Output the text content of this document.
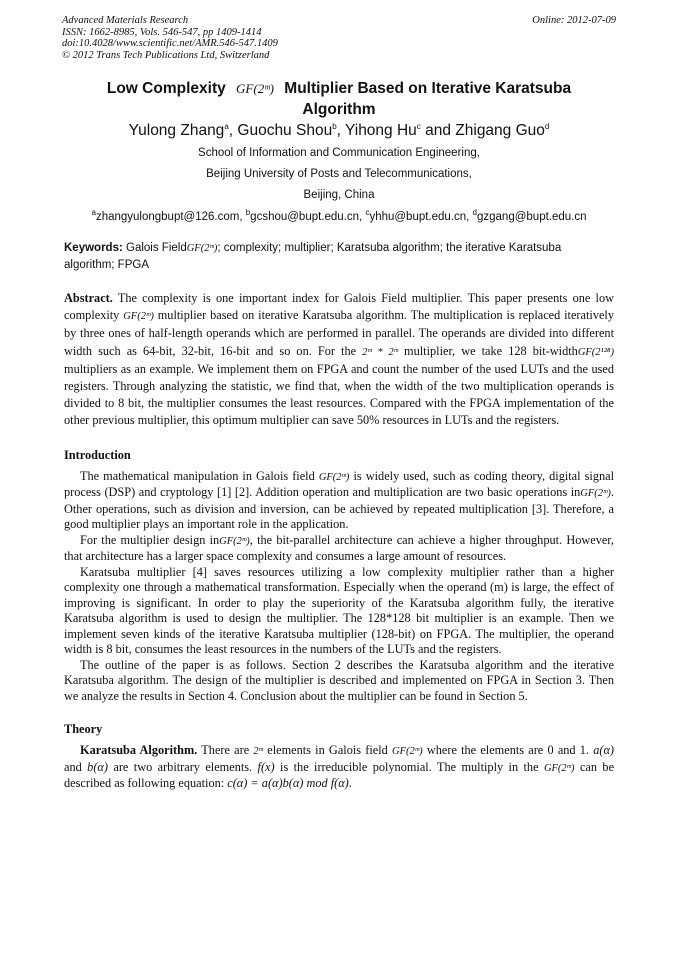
Advanced Materials Research
ISSN: 1662-8985, Vols. 546-547, pp 1409-1414
doi:10.4028/www.scientific.net/AMR.546-547.1409
© 2012 Trans Tech Publications Ltd, Switzerland
Online: 2012-07-09
Low Complexity GF(2ᵐ) Multiplier Based on Iterative Karatsuba
Algorithm
Yulong Zhang$^a$, Guochu Shou$^b$, Yihong Hu$^c$ and Zhigang Guo$^d$
School of Information and Communication Engineering,
Beijing University of Posts and Telecommunications,
Beijing, China
$^a$zhangyulongbupt@126.com, $^b$gcshou@bupt.edu.cn, $^c$yhhu@bupt.edu.cn, $^d$gzgang@bupt.edu.cn
Keywords: Galois FieldGF(2ᵐ); complexity; multiplier; Karatsuba algorithm; the iterative Karatsuba algorithm; FPGA
Abstract. The complexity is one important index for Galois Field multiplier. This paper presents one low complexity GF(2ᵐ) multiplier based on iterative Karatsuba algorithm. The multiplication is replaced iteratively by three ones of half-length operands which are performed in parallel. The operands are divided into different width such as 64-bit, 32-bit, 16-bit and so on. For the 2ᵐ * 2ᵐ multiplier, we take 128 bit-widthGF(2¹²⁸) multipliers as an example. We implement them on FPGA and count the number of the used LUTs and the used registers. Through analyzing the statistic, we find that, when the width of the two multiplication operands is divided to 8 bit, the multiplier consumes the least resources. Compared with the FPGA implementation of the other previous multiplier, this optimum multiplier can save 50% resources in LUTs and the registers.
Introduction

The mathematical manipulation in Galois field GF(2ᵐ) is widely used, such as coding theory, digital signal process (DSP) and cryptology [1] [2]. Addition operation and multiplication are two basic operations inGF(2ᵐ). Other operations, such as division and inversion, can be achieved by repeated multiplication [3]. Therefore, a good multiplier plays an important role in the application.

For the multiplier design inGF(2ᵐ), the bit-parallel architecture can achieve a higher throughput. However, that architecture has a larger space complexity and consumes a large amount of resources.

Karatsuba multiplier [4] saves resources utilizing a low complexity multiplier rather than a higher complexity one through a mathematical transformation. Especially when the operand (m) is large, the effect of improving is significant. In order to play the superiority of the Karatsuba algorithm fully, the iterative Karatsuba algorithm is used to design the multiplier. The 128*128 bit multiplier is an example. Then we implement seven kinds of the iterative Karatsuba multiplier (128-bit) on FPGA. The multiplier, the operand width is 8 bit, consumes the least resources in the numbers of the LUTs and the registers.

The outline of the paper is as follows. Section 2 describes the Karatsuba algorithm and the iterative Karatsuba algorithm. The design of the multiplier is described and implemented on FPGA in Section 3. Then we analyze the results in Section 4. Conclusion about the multiplier can be found in Section 5.

Theory

Karatsuba Algorithm. There are 2ᵐ elements in Galois field GF(2ᵐ) where the elements are 0 and 1. a(α) and b(α) are two arbitrary elements. f(x) is the irreducible polynomial. The multiply in the GF(2ᵐ) can be described as following equation: c(α) = a(α)b(α) mod f(α).
